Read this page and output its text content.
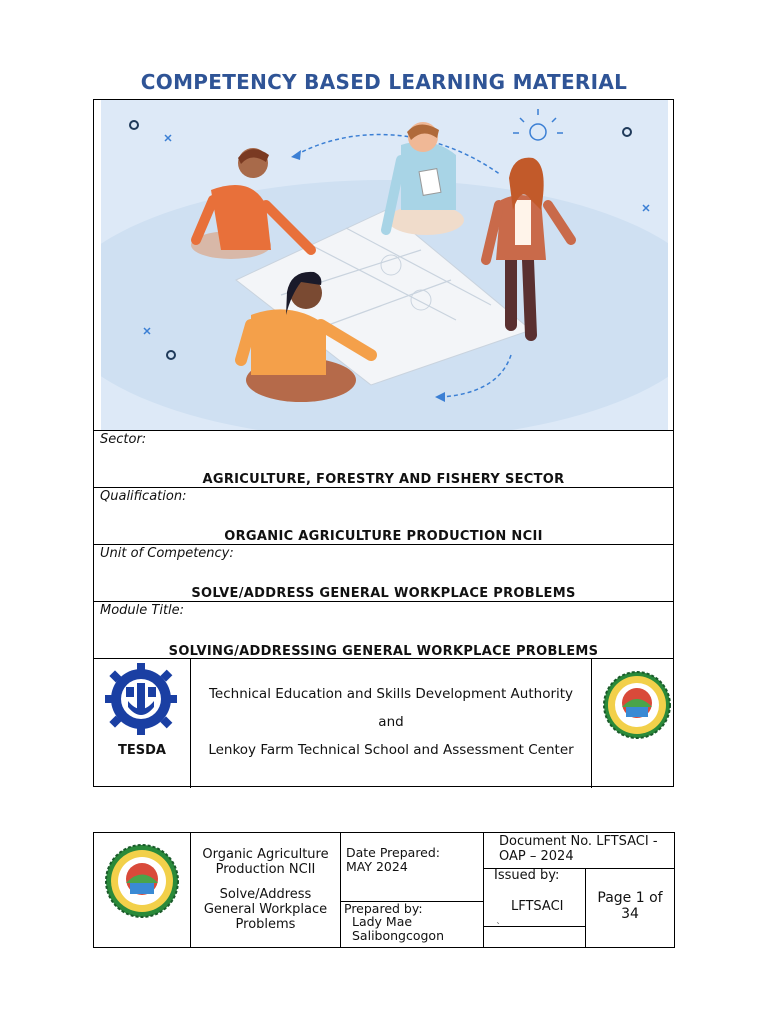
COMPETENCY BASED LEARNING MATERIAL
Sector:
AGRICULTURE, FORESTRY AND FISHERY SECTOR
Qualification:
ORGANIC AGRICULTURE PRODUCTION NCII
Unit of Competency:
SOLVE/ADDRESS GENERAL WORKPLACE PROBLEMS
Module Title:
SOLVING/ADDRESSING GENERAL WORKPLACE PROBLEMS
TESDA
Technical Education and Skills Development Authority
and
Lenkoy Farm Technical School and Assessment Center
Organic Agriculture
Production NCII
Solve/Address
General Workplace
Problems
Date Prepared:
MAY 2024
Prepared by:
Lady Mae
Salibongcogon
Document No. LFTSACI -
OAP – 2024
Issued by:
LFTSACI
`
Page 1 of
34
